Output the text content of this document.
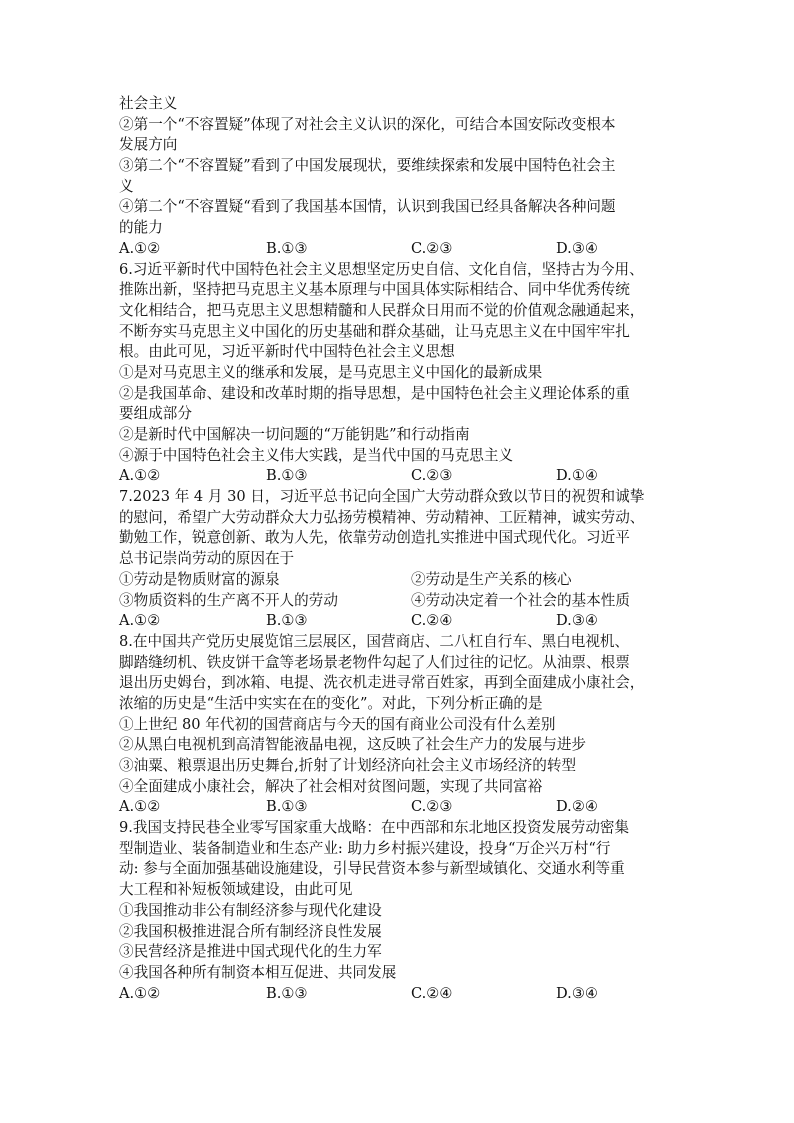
社会主义
②第一个“不容置疑”体现了对社会主义认识的深化，可结合本国安际改变根本
发展方向
③第二个“不容置疑”看到了中国发展现状，要维续探索和发展中国特色社会主
义
④第二个“不容置疑“看到了我国基本国情，认识到我国已经具备解决各种问题
的能力
A.①②	B.①③	C.②③	D.③④
6.习近平新时代中国特色社会主义思想坚定历史自信、文化自信，坚持古为今用、
推陈出新，坚持把马克思主义基本原理与中国具体实际相结合、同中华优秀传统
文化相结合，把马克思主义思想精髓和人民群众日用而不觉的价值观念融通起来，
不断夯实马克思主义中国化的历史基础和群众基础，让马克思主义在中国牢牢扎
根。由此可见，习近平新时代中国特色社会主义思想
①是对马克思主义的继承和发展，是马克思主义中国化的最新成果
②是我国革命、建设和改革时期的指导思想，是中国特色社会主义理论体系的重
要组成部分
②是新时代中国解决一切问题的“万能钥匙”和行动指南
④源于中国特色社会主义伟大实践，是当代中国的马克思主义
A.①②	B.①③	C.②③	D.①④
7.2023 年 4 月 30 日，习近平总书记向全国广大劳动群众致以节日的祝贺和诚挚
的慰问，希望广大劳动群众大力弘扬劳模精神、劳动精神、工匠精神，诚实劳动、
勤勉工作，锐意创新、敢为人先，依靠劳动创造扎实推进中国式现代化。习近平
总书记崇尚劳动的原因在于
①劳动是物质财富的源泉	②劳动是生产关系的核心
③物质资料的生产离不开人的劳动	④劳动决定着一个社会的基本性质
A.①②	B.①③	C.②④	D.③④
8.在中国共产党历史展览馆三层展区，国营商店、二八杠自行车、黑白电视机、
脚踏缝纫机、铁皮饼干盒等老场景老物件勾起了人们过往的记忆。从油票、根票
退出历史姆台，到冰箱、电提、洗衣机走进寻常百姓家，再到全面建成小康社会，
浓缩的历史是“生活中实实在在的变化”。对此，下列分析正确的是
①上世纪 80 年代初的国营商店与今天的国有商业公司没有什么差别
②从黑白电视机到高清智能液晶电视，这反映了社会生产力的发展与进步
③油粟、粮票退出历史舞台,折射了计划经济向社会主义市场经济的转型
④全面建成小康社会，解决了社会相对贫图问题，实现了共同富裕
A.①②	B.①③	C.②③	D.②④
9.我国支持民巷全业零写国家重大战略：在中西部和东北地区投资发展劳动密集
型制造业、装备制造业和生态产业: 助力乡村振兴建设，投身“万企兴万村“行
动: 参与全面加强基础设施建设，引导民营资本参与新型域镇化、交通水利等重
大工程和补短板领域建设，由此可见
①我国推动非公有制经济参与现代化建设
②我国积极推进混合所有制经济良性发展
③民营经济是推进中国式现代化的生力军
④我国各种所有制资本相互促进、共同发展
A.①②	B.①③	C.②④	D.③④
